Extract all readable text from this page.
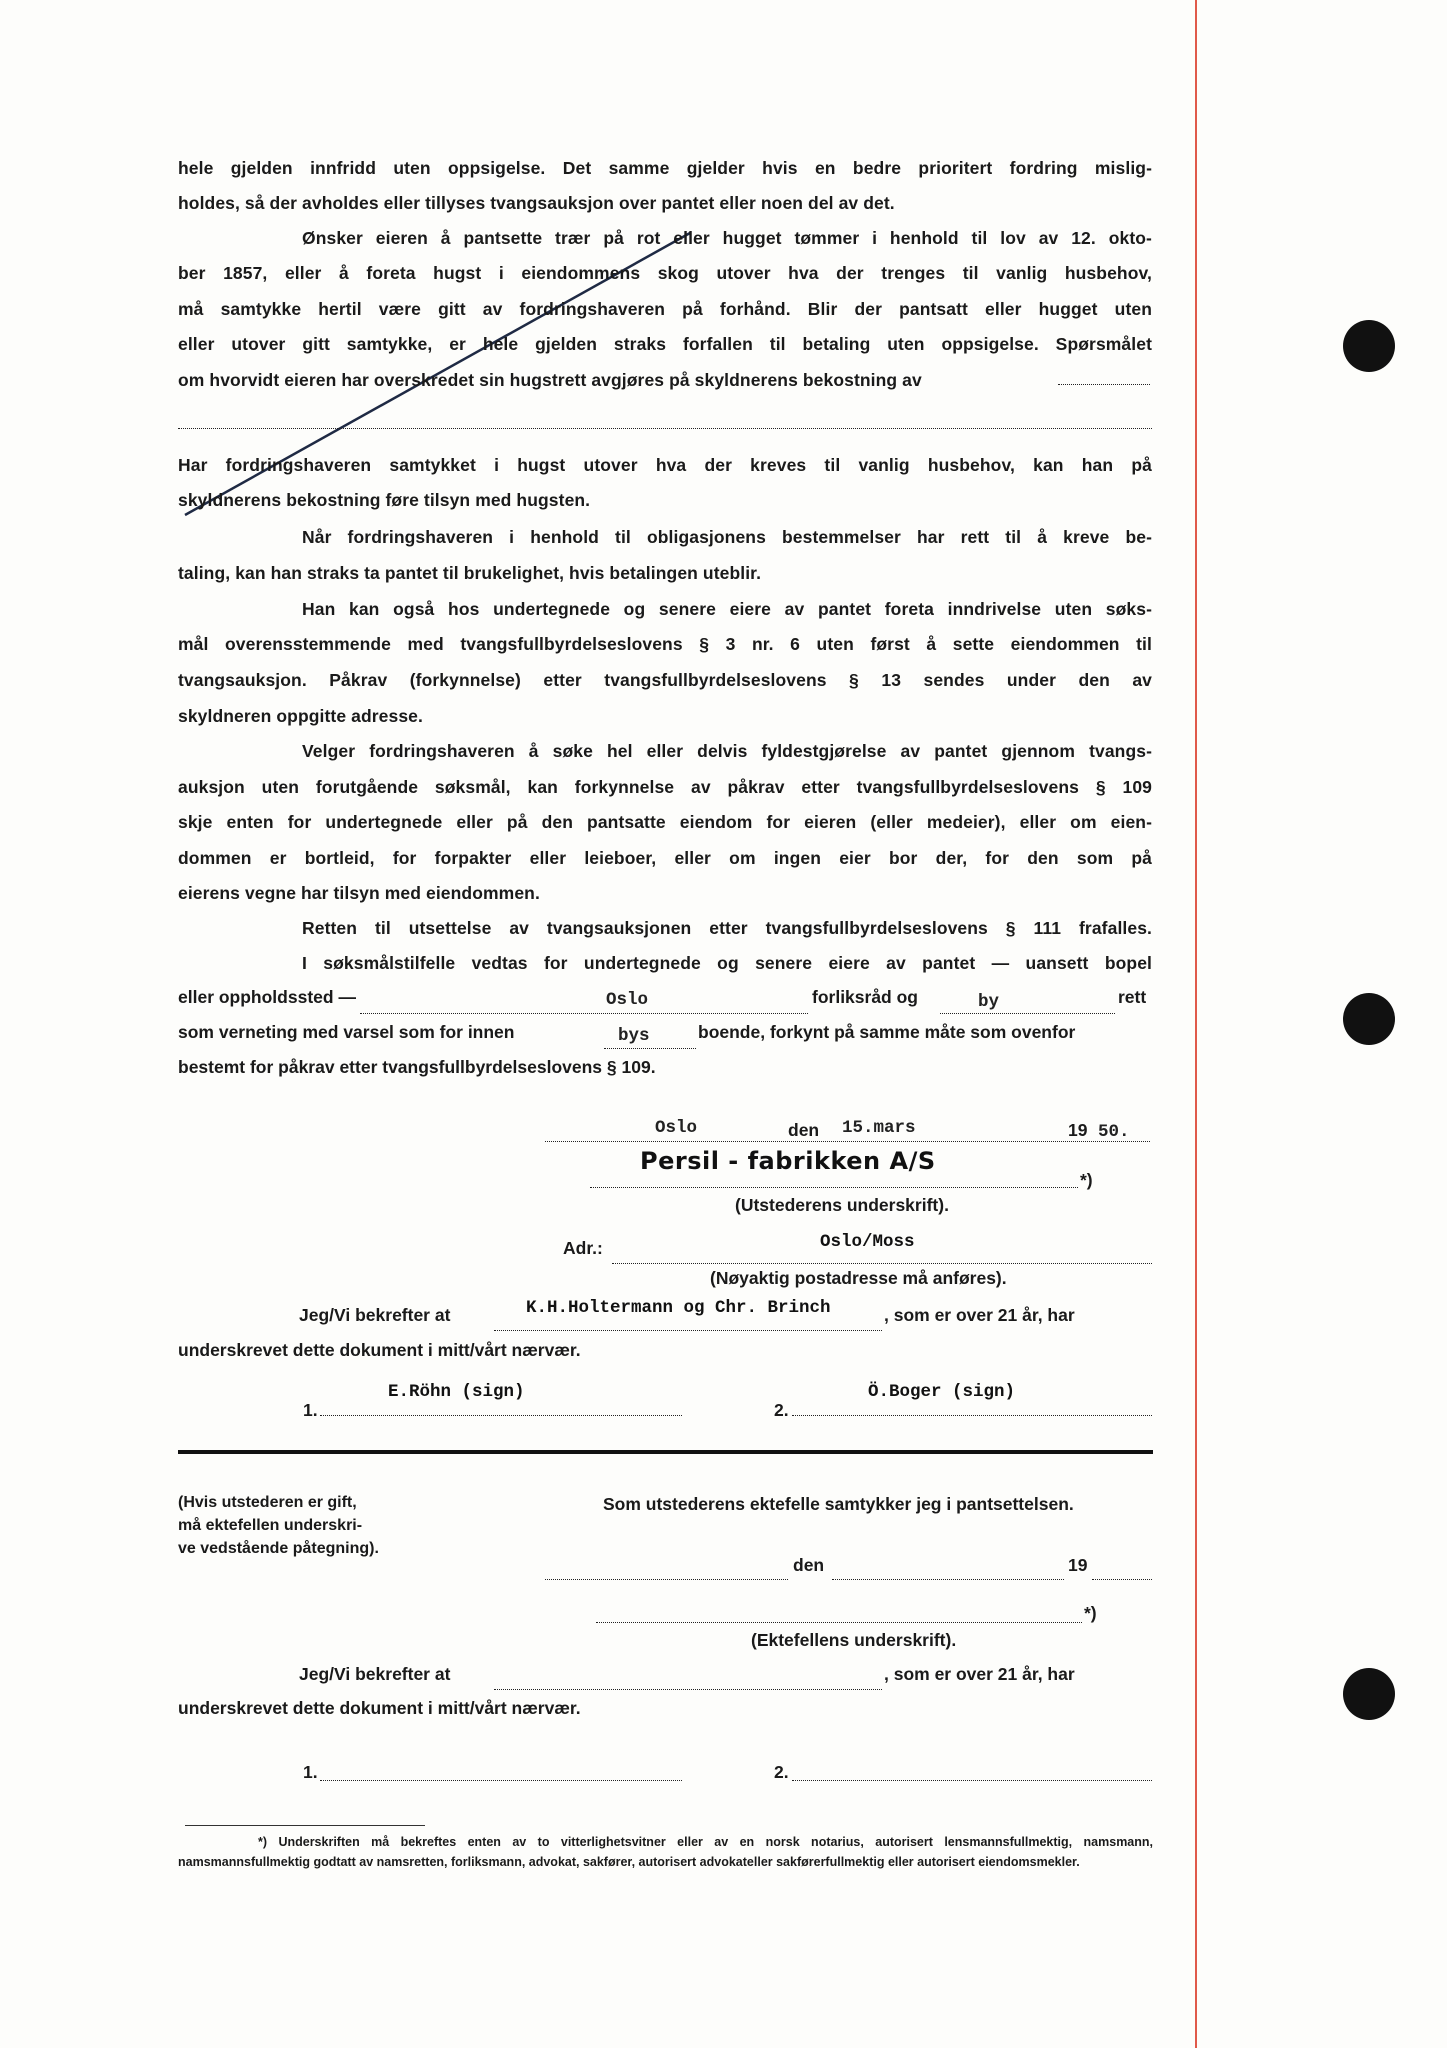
hele gjelden innfridd uten oppsigelse. Det samme gjelder hvis en bedre prioritert fordring mislig-
holdes, så der avholdes eller tillyses tvangsauksjon over pantet eller noen del av det.
Ønsker eieren å pantsette trær på rot eller hugget tømmer i henhold til lov av 12. okto-
ber 1857, eller å foreta hugst i eiendommens skog utover hva der trenges til vanlig husbehov,
må samtykke hertil være gitt av fordringshaveren på forhånd. Blir der pantsatt eller hugget uten
eller utover gitt samtykke, er hele gjelden straks forfallen til betaling uten oppsigelse. Spørsmålet
om hvorvidt eieren har overskredet sin hugstrett avgjøres på skyldnerens bekostning av
Har fordringshaveren samtykket i hugst utover hva der kreves til vanlig husbehov, kan han på
skyldnerens bekostning føre tilsyn med hugsten.
Når fordringshaveren i henhold til obligasjonens bestemmelser har rett til å kreve be-
taling, kan han straks ta pantet til brukelighet, hvis betalingen uteblir.
Han kan også hos undertegnede og senere eiere av pantet foreta inndrivelse uten søks-
mål overensstemmende med tvangsfullbyrdelseslovens § 3 nr. 6 uten først å sette eiendommen til
tvangsauksjon. Påkrav (forkynnelse) etter tvangsfullbyrdelseslovens § 13 sendes under den av
skyldneren oppgitte adresse.
Velger fordringshaveren å søke hel eller delvis fyldestgjørelse av pantet gjennom tvangs-
auksjon uten forutgående søksmål, kan forkynnelse av påkrav etter tvangsfullbyrdelseslovens § 109
skje enten for undertegnede eller på den pantsatte eiendom for eieren (eller medeier), eller om eien-
dommen er bortleid, for forpakter eller leieboer, eller om ingen eier bor der, for den som på
eierens vegne har tilsyn med eiendommen.
Retten til utsettelse av tvangsauksjonen etter tvangsfullbyrdelseslovens § 111 frafalles.
I søksmålstilfelle vedtas for undertegnede og senere eiere av pantet — uansett bopel
eller oppholdssted —	Oslo	forliksråd og	by	rett
som verneting med varsel som for innen	bys	boende, forkynt på samme måte som ovenfor
bestemt for påkrav etter tvangsfullbyrdelseslovens § 109.
Oslo	den 15.mars	19 50.
Persil - fabrikken A/S
*)
(Utstederens underskrift).
Adr.:	Oslo/Moss
(Nøyaktig postadresse må anføres).
Jeg/Vi bekrefter at	K.H.Holtermann og Chr. Brinch	, som er over 21 år, har
underskrevet dette dokument i mitt/vårt nærvær.
1.
E.Röhn (sign)
2.
Ö.Boger (sign)
(Hvis utstederen er gift,
må ektefellen underskri-
ve vedstående påtegning).
Som utstederens ektefelle samtykker jeg i pantsettelsen.
den	19
*)
(Ektefellens underskrift).
Jeg/Vi bekrefter at	, som er over 21 år, har
underskrevet dette dokument i mitt/vårt nærvær.
1.	2.
*) Underskriften må bekreftes enten av to vitterlighetsvitner eller av en norsk notarius, autorisert lensmannsfullmektig, namsmann, namsmannsfullmektig godtatt av namsretten, forliksmann, advokat, sakfører, autorisert advokateller sakførerfullmektig eller autorisert eiendomsmekler.
